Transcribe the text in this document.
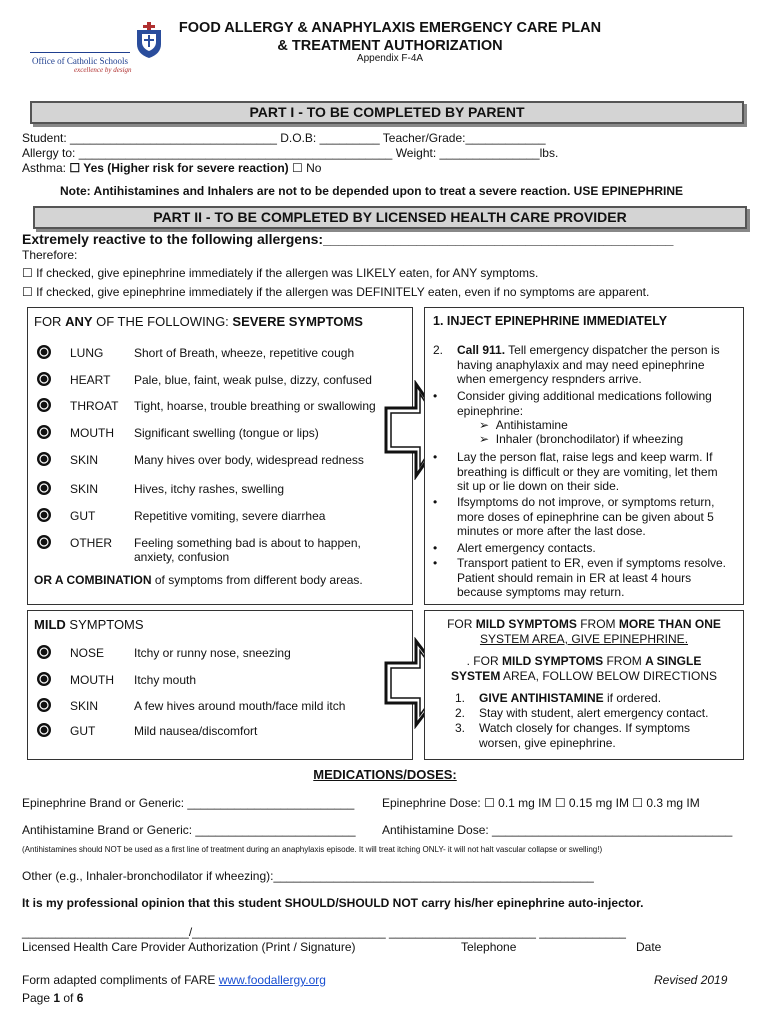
Office of Catholic Schools
excellence by design
FOOD ALLERGY & ANAPHYLAXIS EMERGENCY CARE PLAN
& TREATMENT AUTHORIZATION
Appendix F-4A
PART I - TO BE COMPLETED BY PARENT
Student: _______________________________ D.O.B: _________ Teacher/Grade:____________
Allergy to: _______________________________________________ Weight: _______________lbs.
Asthma: ☐ Yes (Higher risk for severe reaction) ☐ No
Note: Antihistamines and Inhalers are not to be depended upon to treat a severe reaction. USE EPINEPHRINE
PART II - TO BE COMPLETED BY LICENSED HEALTH CARE PROVIDER
Extremely reactive to the following allergens:_____________________________________________
Therefore:
☐ If checked, give epinephrine immediately if the allergen was LIKELY eaten, for ANY symptoms.
☐ If checked, give epinephrine immediately if the allergen was DEFINITELY eaten, even if no symptoms are apparent.
FOR ANY OF THE FOLLOWING: SEVERE SYMPTOMS
LUNG	Short of Breath, wheeze, repetitive cough
HEART Pale, blue, faint, weak pulse, dizzy, confused
THROAT Tight, hoarse, trouble breathing or swallowing
MOUTH Significant swelling (tongue or lips)
SKIN	Many hives over body, widespread redness
SKIN	Hives, itchy rashes, swelling
GUT	Repetitive vomiting, severe diarrhea
OTHER Feeling something bad is about to happen, anxiety, confusion
OR A COMBINATION of symptoms from different body areas.
1. INJECT EPINEPHRINE IMMEDIATELY
2. Call 911. Tell emergency dispatcher the person is having anaphylaxix and may need epinephrine when emergency respnders arrive.
• Consider giving additional medications following epinephrine:
➢  Antihistamine
➢  Inhaler (bronchodilator) if wheezing
• Lay the person flat, raise legs and keep warm. If breathing is difficult or they are vomiting, let them sit up or lie down on their side.
• Ifsymptoms do not improve, or symptoms return, more doses of epinephrine can be given about 5 minutes or more after the last dose.
• Alert emergency contacts.
• Transport patient to ER, even if symptoms resolve. Patient should remain in ER at least 4 hours because symptoms may return.
MILD SYMPTOMS
NOSE Itchy or runny nose, sneezing
MOUTH Itchy mouth
SKIN	A few hives around mouth/face mild itch
GUT	Mild nausea/discomfort
FOR MILD SYMPTOMS FROM MORE THAN ONE
SYSTEM AREA, GIVE EPINEPHRINE.
. FOR MILD SYMPTOMS FROM A SINGLE
SYSTEM AREA, FOLLOW BELOW DIRECTIONS
1. GIVE ANTIHISTAMINE if ordered.
2. Stay with student, alert emergency contact.
3. Watch closely for changes. If symptoms worsen, give epinephrine.
MEDICATIONS/DOSES:
Epinephrine Brand or Generic: _________________________ Epinephrine Dose: ☐ 0.1 mg IM ☐ 0.15 mg IM ☐ 0.3 mg IM
Antihistamine Brand or Generic: ________________________ Antihistamine Dose: ____________________________________
(Antihistamines should NOT be used as a first line of treatment during an anaphylaxis episode. It will treat itching ONLY- it will not halt vascular collapse or swelling!)
Other (e.g., Inhaler-bronchodilator if wheezing):________________________________________________
It is my professional opinion that this student SHOULD/SHOULD NOT carry his/her epinephrine auto-injector.
_________________________/_____________________________ ______________________ _____________
Licensed Health Care Provider Authorization (Print / Signature)	Telephone	Date
Form adapted compliments of FARE www.foodallergy.org	Revised 2019
Page 1 of 6
